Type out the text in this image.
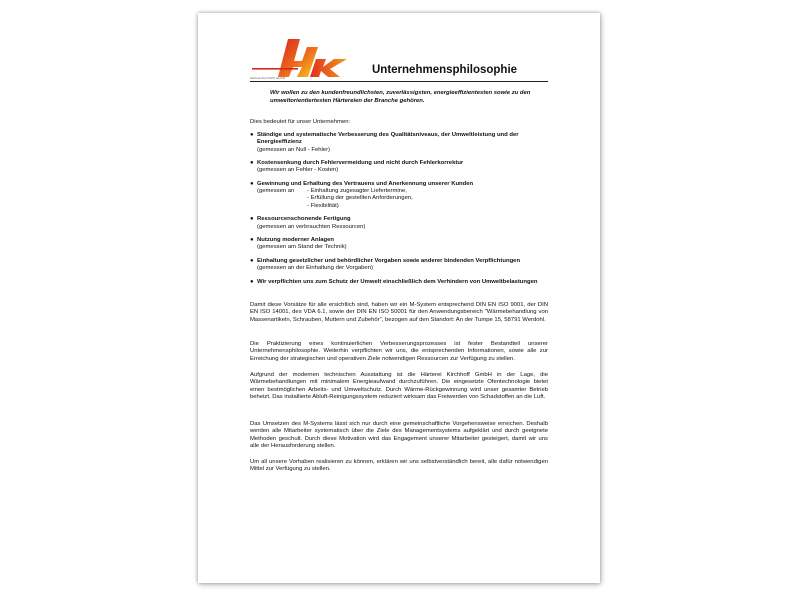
Härterei Kirchhoff GmbH
Unternehmensphilosophie
Wir wollen zu den kundenfreundlichsten, zuverlässigsten, energieeffizientesten sowie zu den umweltorientiertesten Härtereien der Branche gehören.
Dies bedeutet für unser Unternehmen:
● Ständige und systematische Verbesserung des Qualitätsniveaus, der Umweltleistung und der Energieeffizienz
(gemessen an Null - Fehler)
● Kostensenkung durch Fehlervermeidung und nicht durch Fehlerkorrektur
(gemessen an Fehler - Kosten)
● Gewinnung und Erhaltung des Vertrauens und Anerkennung unserer Kunden
(gemessen an	- Einhaltung zugesagter Liefertermine,
- Erfüllung der gestellten Anforderungen,
- Flexibilität)
● Ressourcenschonende Fertigung
(gemessen an verbrauchten Ressourcen)
● Nutzung moderner Anlagen
(gemessen am Stand der Technik)
● Einhaltung gesetzlicher und behördlicher Vorgaben sowie anderer bindenden Verpflichtungen
(gemessen an der Einhaltung der Vorgaben)
● Wir verpflichten uns zum Schutz der Umwelt einschließlich dem Verhindern von Umweltbelastungen

Damit diese Vorsätze für alle ersichtlich sind, haben wir ein M-System entsprechend DIN EN ISO 9001, der DIN EN ISO 14001, des VDA 6.1, sowie der DIN EN ISO 50001 für den Anwendungsbereich "Wärmebehandlung von Massenartikeln, Schrauben, Muttern und Zubehör", bezogen auf den Standort: An der Tumpe 15, 58791 Werdohl.

Die Praktizierung eines kontinuierlichen Verbesserungsprozesses ist fester Bestandteil unserer Unternehmensphilosophie. Weiterhin verpflichten wir uns, die entsprechenden Informationen, sowie alle zur Erreichung der strategischen und operativen Ziele notwendigen Ressourcen zur Verfügung zu stellen.

Aufgrund der modernen technischen Ausstattung ist die Härterei Kirchhoff GmbH in der Lage, die Wärmebehandlungen mit minimalem Energieaufwand durchzuführen. Die eingesetzte Ofentechnologie bietet einen bestmöglichen Arbeits- und Umweltschutz. Durch Wärme-Rückgewinnung wird unser gesamter Betrieb beheizt. Das installierte Abluft-Reinigungssystem reduziert wirksam das Freiwerden von Schadstoffen an die Luft.

Das Umsetzen des M-Systems lässt sich nur durch eine gemeinschaftliche Vorgehensweise erreichen. Deshalb werden alle Mitarbeiter systematisch über die Ziele des Managementsystems aufgeklärt und durch geeignete Methoden geschult. Durch diese Motivation wird das Engagement unserer Mitarbeiter gesteigert, damit wir uns alle der Herausforderung stellen.

Um all unsere Vorhaben realisieren zu können, erklären wir uns selbstverständlich bereit, alle dafür notwendigen Mittel zur Verfügung zu stellen.
